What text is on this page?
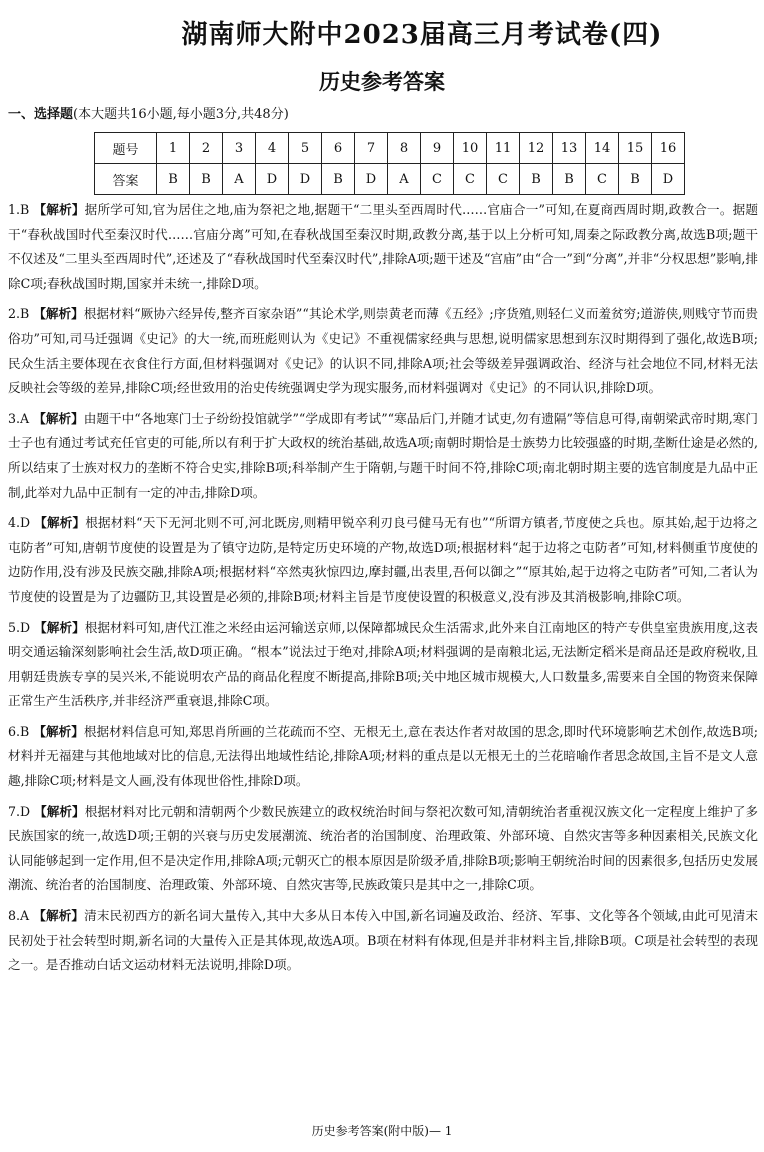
湖南师大附中2023届高三月考试卷(四)
历史参考答案
一、选择题(本大题共16小题,每小题3分,共48分)
题号	1	2	3	4	5	6	7	8	9	10	11	12	13	14	15	16
答案	B	B	A	D	D	B	D	A	C	C	C	B	B	C	B	D

1.B 【解析】据所学可知,官为居住之地,庙为祭祀之地,据题干“二里头至西周时代……官庙合一”可知,在夏商西周时期,政教合一。据题干“春秋战国时代至秦汉时代……官庙分离”可知,在春秋战国至秦汉时期,政教分离,基于以上分析可知,周秦之际政教分离,故选B项;题干不仅述及“二里头至西周时代”,还述及了“春秋战国时代至秦汉时代”,排除A项;题干述及“宫庙”由“合一”到“分离”,并非“分权思想”影响,排除C项;春秋战国时期,国家并未统一,排除D项。

2.B 【解析】根据材料“厥协六经异传,整齐百家杂语”“其论术学,则崇黄老而薄《五经》;序货殖,则轻仁义而羞贫穷;道游侠,则贱守节而贵俗功”可知,司马迁强调《史记》的大一统,而班彪则认为《史记》不重视儒家经典与思想,说明儒家思想到东汉时期得到了强化,故选B项;民众生活主要体现在衣食住行方面,但材料强调对《史记》的认识不同,排除A项;社会等级差异强调政治、经济与社会地位不同,材料无法反映社会等级的差异,排除C项;经世致用的治史传统强调史学为现实服务,而材料强调对《史记》的不同认识,排除D项。

3.A 【解析】由题干中“各地寒门士子纷纷投馆就学”“学成即有考试”“寒品后门,并随才试吏,勿有遗隔”等信息可得,南朝梁武帝时期,寒门士子也有通过考试充任官吏的可能,所以有利于扩大政权的统治基础,故选A项;南朝时期恰是士族势力比较强盛的时期,垄断仕途是必然的,所以结束了士族对权力的垄断不符合史实,排除B项;科举制产生于隋朝,与题干时间不符,排除C项;南北朝时期主要的选官制度是九品中正制,此举对九品中正制有一定的冲击,排除D项。

4.D 【解析】根据材料“天下无河北则不可,河北既房,则精甲锐卒利刃良弓健马无有也”“所谓方镇者,节度使之兵也。原其始,起于边将之屯防者”可知,唐朝节度使的设置是为了镇守边防,是特定历史环境的产物,故选D项;根据材料“起于边将之屯防者”可知,材料侧重节度使的边防作用,没有涉及民族交融,排除A项;根据材料“卒然夷狄惊四边,摩封疆,出表里,吾何以御之”“原其始,起于边将之屯防者”可知,二者认为节度使的设置是为了边疆防卫,其设置是必须的,排除B项;材料主旨是节度使设置的积极意义,没有涉及其消极影响,排除C项。

5.D 【解析】根据材料可知,唐代江淮之米经由运河输送京师,以保障都城民众生活需求,此外来自江南地区的特产专供皇室贵族用度,这表明交通运输深刻影响社会生活,故D项正确。“根本”说法过于绝对,排除A项;材料强调的是南粮北运,无法断定稻米是商品还是政府税收,且用朝廷贵族专享的吴兴米,不能说明农产品的商品化程度不断提高,排除B项;关中地区城市规模大,人口数量多,需要来自全国的物资来保障正常生产生活秩序,并非经济严重衰退,排除C项。

6.B 【解析】根据材料信息可知,郑思肖所画的兰花疏而不空、无根无土,意在表达作者对故国的思念,即时代环境影响艺术创作,故选B项;材料并无福建与其他地域对比的信息,无法得出地域性结论,排除A项;材料的重点是以无根无土的兰花暗喻作者思念故国,主旨不是文人意趣,排除C项;材料是文人画,没有体现世俗性,排除D项。

7.D 【解析】根据材料对比元朝和清朝两个少数民族建立的政权统治时间与祭祀次数可知,清朝统治者重视汉族文化一定程度上维护了多民族国家的统一,故选D项;王朝的兴衰与历史发展潮流、统治者的治国制度、治理政策、外部环境、自然灾害等多种因素相关,民族文化认同能够起到一定作用,但不是决定作用,排除A项;元朝灭亡的根本原因是阶级矛盾,排除B项;影响王朝统治时间的因素很多,包括历史发展潮流、统治者的治国制度、治理政策、外部环境、自然灾害等,民族政策只是其中之一,排除C项。

8.A 【解析】清末民初西方的新名词大量传入,其中大多从日本传入中国,新名词遍及政治、经济、军事、文化等各个领域,由此可见清末民初处于社会转型时期,新名词的大量传入正是其体现,故选A项。B项在材料有体现,但是并非材料主旨,排除B项。C项是社会转型的表现之一。是否推动白话文运动材料无法说明,排除D项。

历史参考答案(附中版)— 1
